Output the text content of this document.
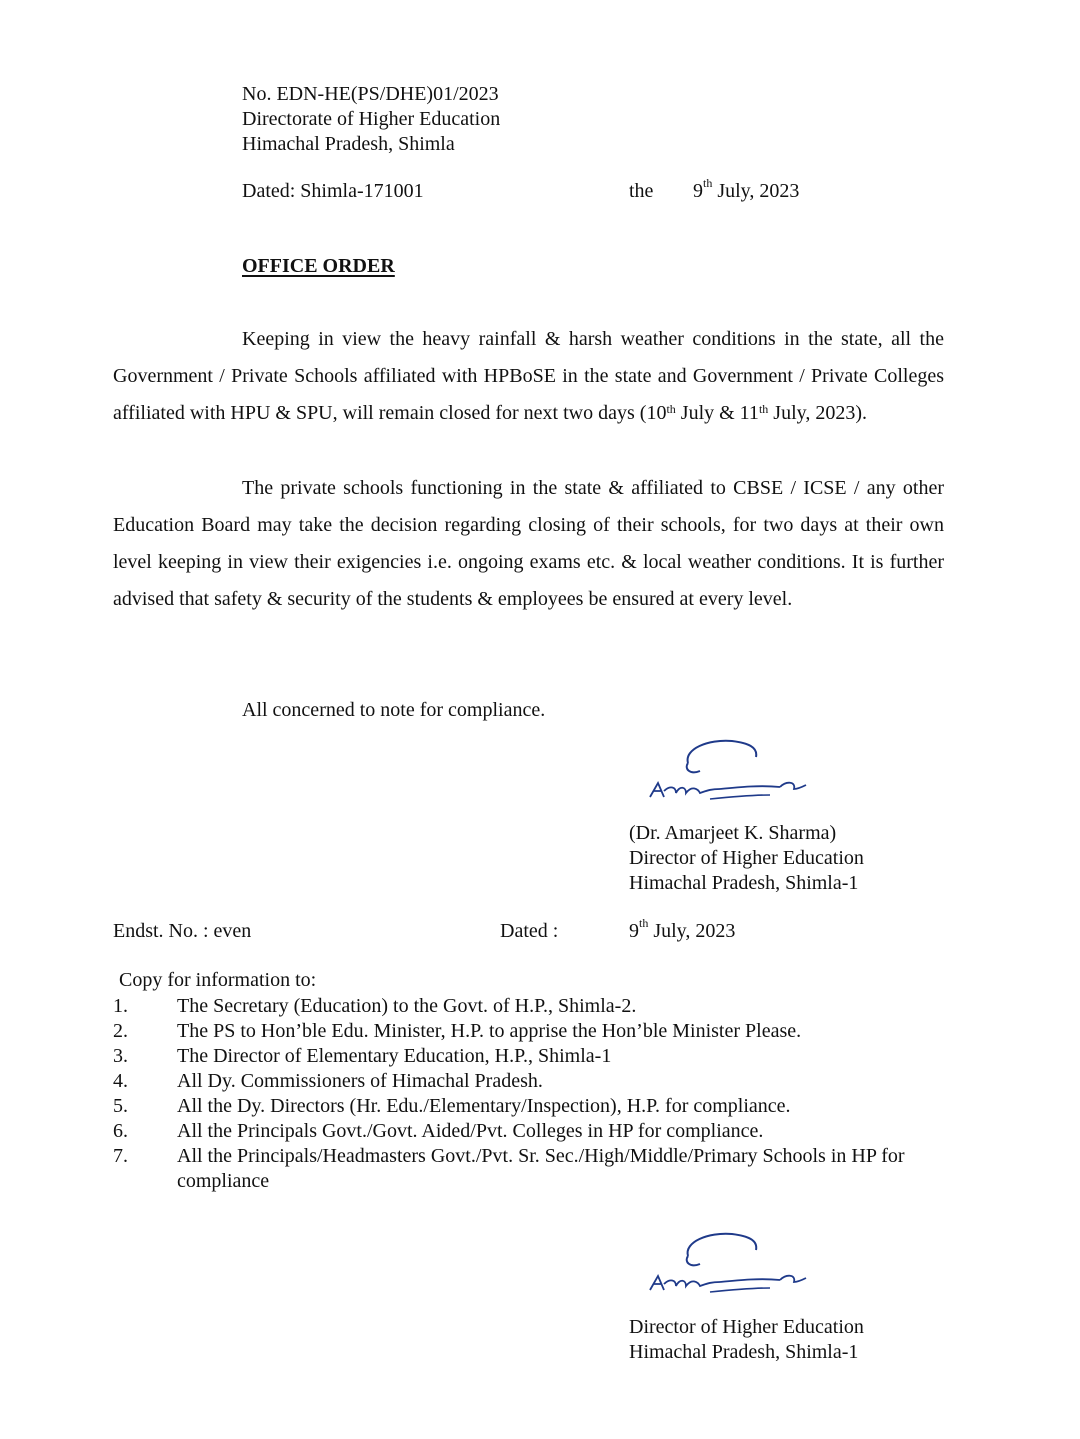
No. EDN-HE(PS/DHE)01/2023
Directorate of Higher Education
Himachal Pradesh, Shimla
Dated: Shimla-171001	the 9th July, 2023
OFFICE ORDER
Keeping in view the heavy rainfall & harsh weather conditions in the state, all the Government / Private Schools affiliated with HPBoSE in the state and Government / Private Colleges affiliated with HPU & SPU, will remain closed for next two days (10th July & 11th July, 2023).
The private schools functioning in the state & affiliated to CBSE / ICSE / any other Education Board may take the decision regarding closing of their schools, for two days at their own level keeping in view their exigencies i.e. ongoing exams etc. & local weather conditions. It is further advised that safety & security of the students & employees be ensured at every level.
All concerned to note for compliance.
(Dr. Amarjeet K. Sharma)
Director of Higher Education
Himachal Pradesh, Shimla-1
Endst. No. : even	Dated :	9th July, 2023
Copy for information to:
1. The Secretary (Education) to the Govt. of H.P., Shimla-2.
2. The PS to Hon’ble Edu. Minister, H.P. to apprise the Hon’ble Minister Please.
3. The Director of Elementary Education, H.P., Shimla-1
4. All Dy. Commissioners of Himachal Pradesh.
5. All the Dy. Directors (Hr. Edu./Elementary/Inspection), H.P. for compliance.
6. All the Principals Govt./Govt. Aided/Pvt. Colleges in HP for compliance.
7. All the Principals/Headmasters Govt./Pvt. Sr. Sec./High/Middle/Primary Schools in HP for compliance
Director of Higher Education
Himachal Pradesh, Shimla-1
